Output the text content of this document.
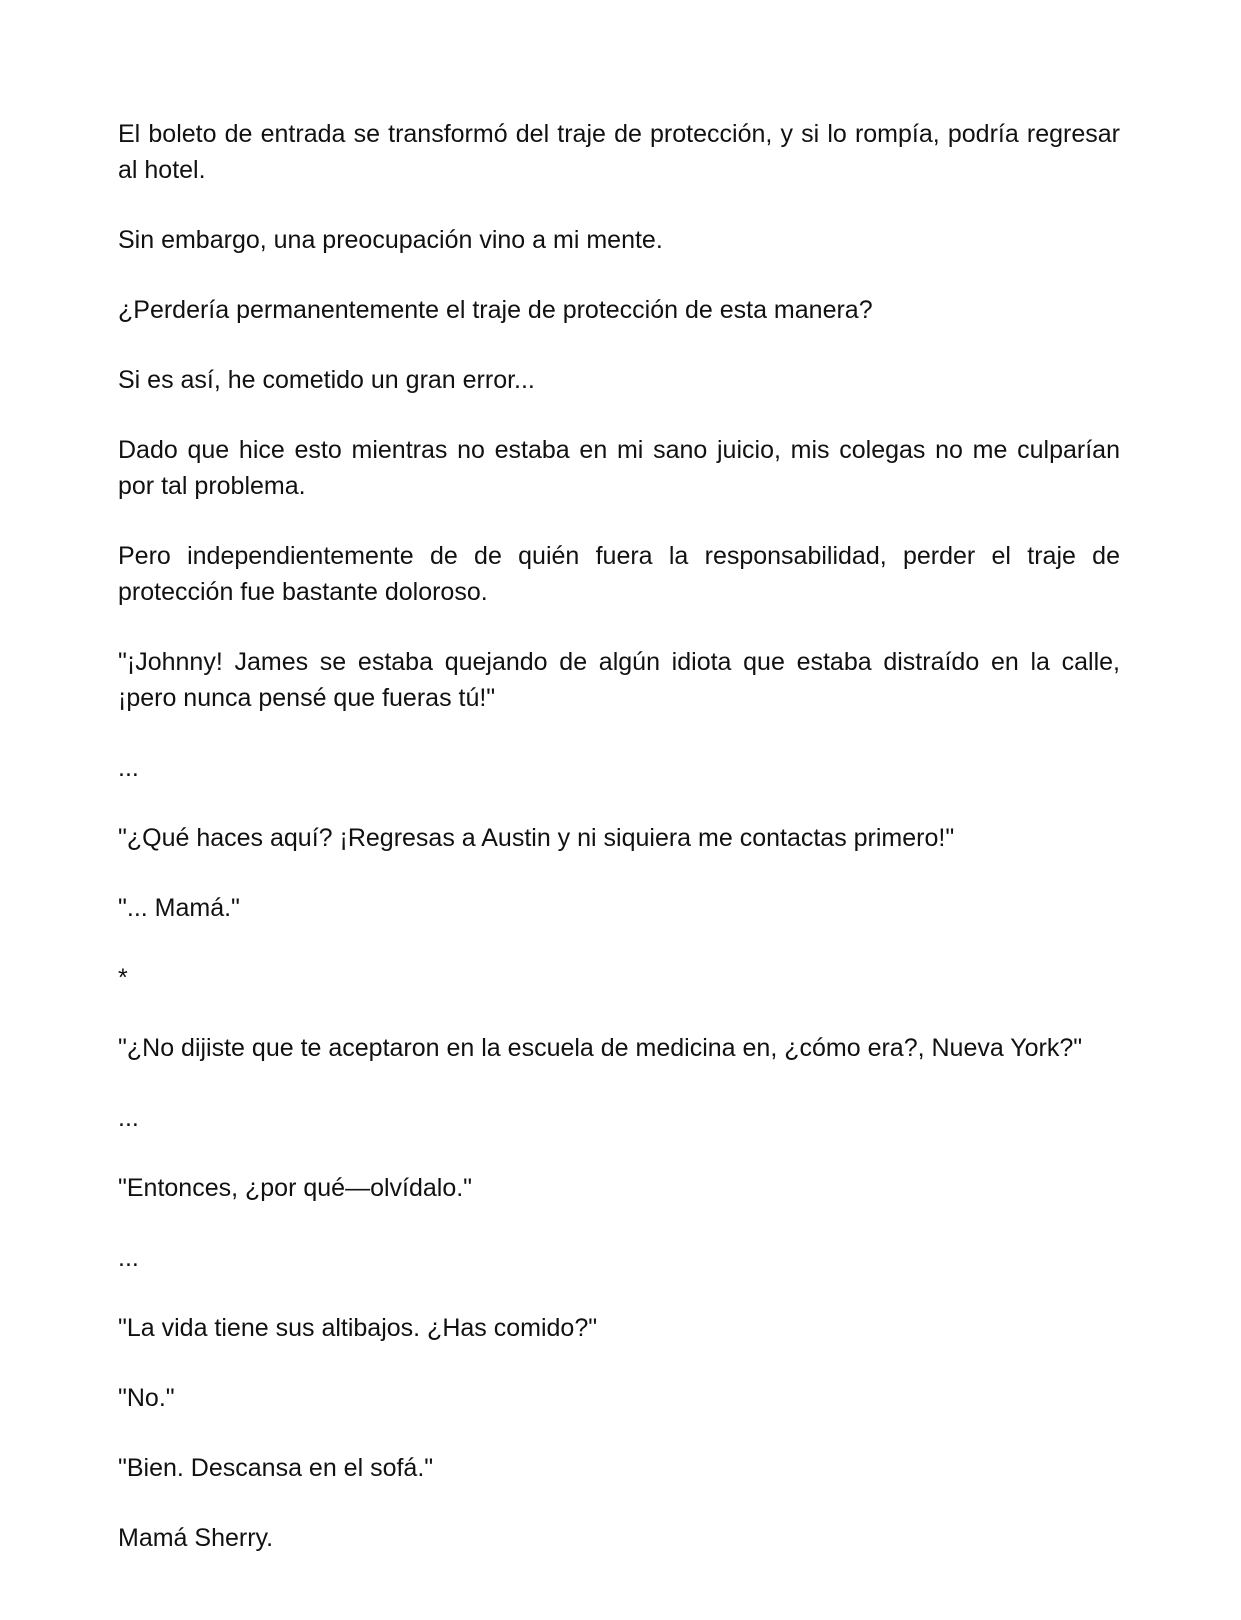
El boleto de entrada se transformó del traje de protección, y si lo rompía, podría regresar al hotel.

Sin embargo, una preocupación vino a mi mente.

¿Perdería permanentemente el traje de protección de esta manera?

Si es así, he cometido un gran error...

Dado que hice esto mientras no estaba en mi sano juicio, mis colegas no me culparían por tal problema.

Pero independientemente de de quién fuera la responsabilidad, perder el traje de protección fue bastante doloroso.

"¡Johnny! James se estaba quejando de algún idiota que estaba distraído en la calle, ¡pero nunca pensé que fueras tú!"

...

"¿Qué haces aquí? ¡Regresas a Austin y ni siquiera me contactas primero!"

"... Mamá."

*

"¿No dijiste que te aceptaron en la escuela de medicina en, ¿cómo era?, Nueva York?"

...

"Entonces, ¿por qué—olvídalo."

...

"La vida tiene sus altibajos. ¿Has comido?"

"No."

"Bien. Descansa en el sofá."

Mamá Sherry.
